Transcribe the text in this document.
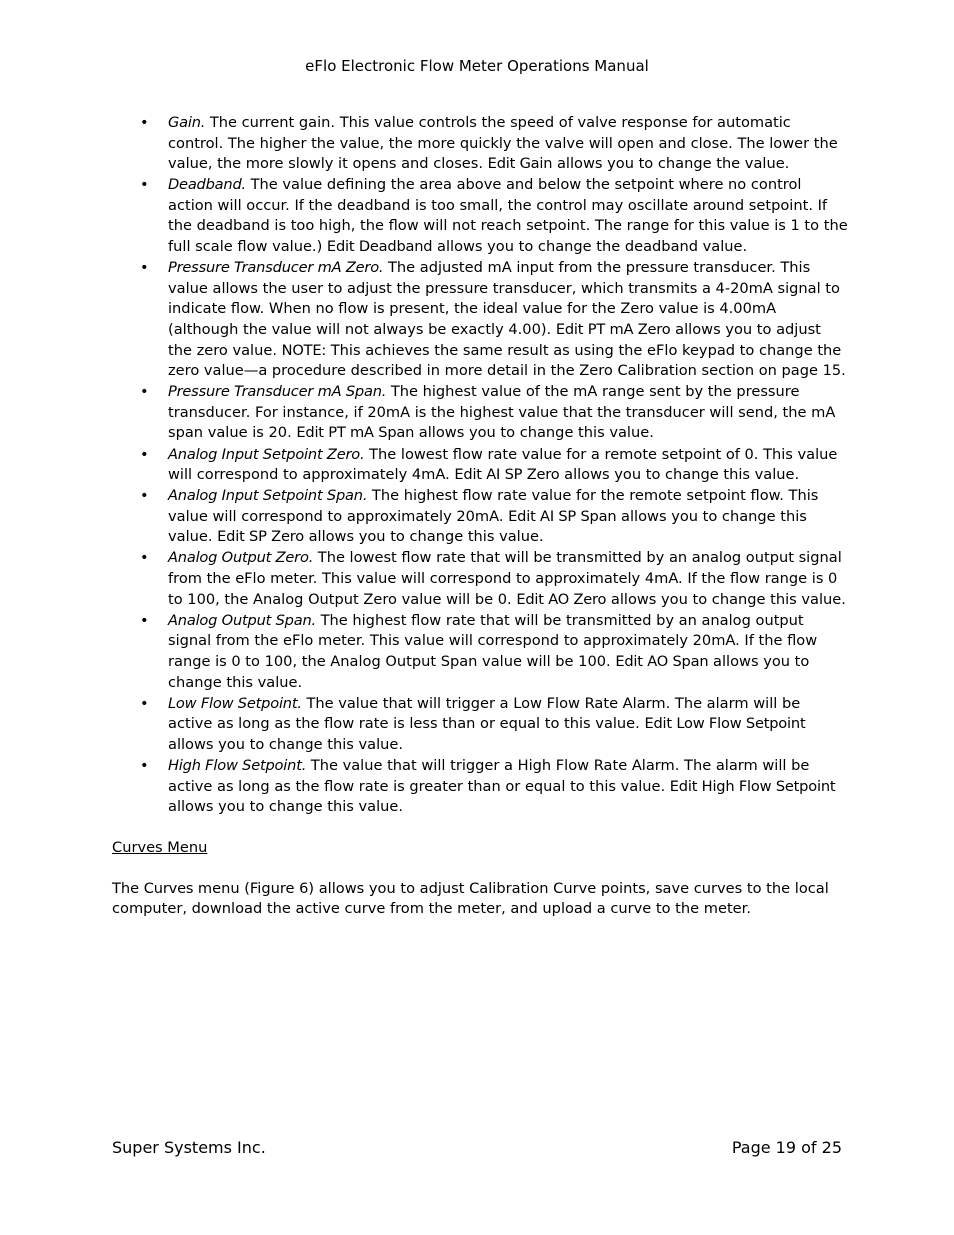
eFlo Electronic Flow Meter Operations Manual
• Gain. The current gain. This value controls the speed of valve response for automatic control. The higher the value, the more quickly the valve will open and close. The lower the value, the more slowly it opens and closes. Edit Gain allows you to change the value.
• Deadband. The value defining the area above and below the setpoint where no control action will occur. If the deadband is too small, the control may oscillate around setpoint. If the deadband is too high, the flow will not reach setpoint. The range for this value is 1 to the full scale flow value.) Edit Deadband allows you to change the deadband value.
• Pressure Transducer mA Zero. The adjusted mA input from the pressure transducer. This value allows the user to adjust the pressure transducer, which transmits a 4-20mA signal to indicate flow. When no flow is present, the ideal value for the Zero value is 4.00mA (although the value will not always be exactly 4.00). Edit PT mA Zero allows you to adjust the zero value. NOTE: This achieves the same result as using the eFlo keypad to change the zero value—a procedure described in more detail in the Zero Calibration section on page 15.
• Pressure Transducer mA Span. The highest value of the mA range sent by the pressure transducer. For instance, if 20mA is the highest value that the transducer will send, the mA span value is 20. Edit PT mA Span allows you to change this value.
• Analog Input Setpoint Zero. The lowest flow rate value for a remote setpoint of 0. This value will correspond to approximately 4mA. Edit AI SP Zero allows you to change this value.
• Analog Input Setpoint Span. The highest flow rate value for the remote setpoint flow. This value will correspond to approximately 20mA. Edit AI SP Span allows you to change this value. Edit SP Zero allows you to change this value.
• Analog Output Zero. The lowest flow rate that will be transmitted by an analog output signal from the eFlo meter. This value will correspond to approximately 4mA. If the flow range is 0 to 100, the Analog Output Zero value will be 0. Edit AO Zero allows you to change this value.
• Analog Output Span. The highest flow rate that will be transmitted by an analog output signal from the eFlo meter. This value will correspond to approximately 20mA. If the flow range is 0 to 100, the Analog Output Span value will be 100. Edit AO Span allows you to change this value.
• Low Flow Setpoint. The value that will trigger a Low Flow Rate Alarm. The alarm will be active as long as the flow rate is less than or equal to this value. Edit Low Flow Setpoint allows you to change this value.
• High Flow Setpoint. The value that will trigger a High Flow Rate Alarm. The alarm will be active as long as the flow rate is greater than or equal to this value. Edit High Flow Setpoint allows you to change this value.
Curves Menu
The Curves menu (Figure 6) allows you to adjust Calibration Curve points, save curves to the local computer, download the active curve from the meter, and upload a curve to the meter.
Super Systems Inc.	Page 19 of 25
